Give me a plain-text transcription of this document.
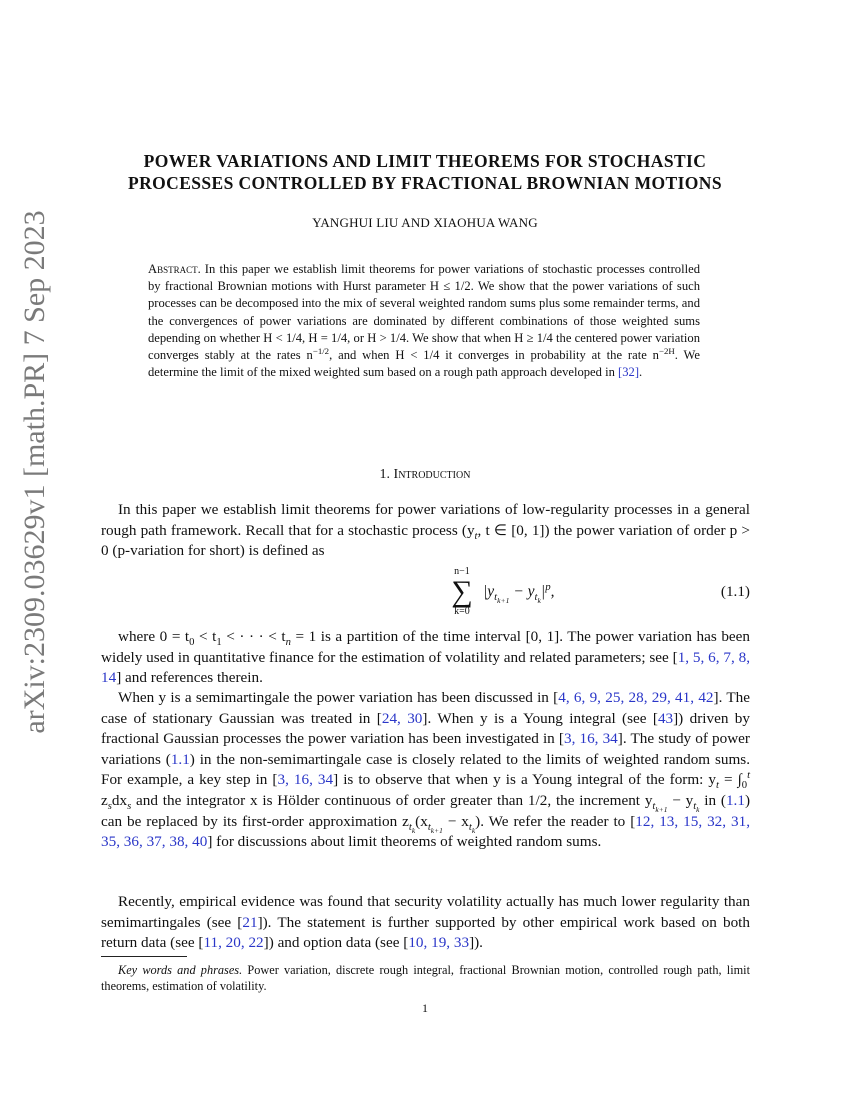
arXiv:2309.03629v1 [math.PR] 7 Sep 2023
POWER VARIATIONS AND LIMIT THEOREMS FOR STOCHASTIC
PROCESSES CONTROLLED BY FRACTIONAL BROWNIAN MOTIONS
YANGHUI LIU AND XIAOHUA WANG
Abstract. In this paper we establish limit theorems for power variations of stochastic processes controlled by fractional Brownian motions with Hurst parameter H ≤ 1/2. We show that the power variations of such processes can be decomposed into the mix of several weighted random sums plus some remainder terms, and the convergences of power variations are dominated by different combinations of those weighted sums depending on whether H < 1/4, H = 1/4, or H > 1/4. We show that when H ≥ 1/4 the centered power variation converges stably at the rates $n^{-1/2}$, and when H < 1/4 it converges in probability at the rate $n^{-2H}$. We determine the limit of the mixed weighted sum based on a rough path approach developed in [32].
1. Introduction

In this paper we establish limit theorems for power variations of low-regularity processes in a general rough path framework. Recall that for a stochastic process ($y_t$, t ∈ [0, 1]) the power variation of order p > 0 (p-variation for short) is defined as

n−1
∑
k=0
$|y_{t_{k+1}} - y_{t_k}|^p$,	(1.1)

where $0 = t_0 < t_1$ < · · · < $t_n = 1$ is a partition of the time interval [0, 1]. The power variation has been widely used in quantitative finance for the estimation of volatility and related parameters; see [1, 5, 6, 7, 8, 14] and references therein.

When y is a semimartingale the power variation has been discussed in [4, 6, 9, 25, 28, 29, 41, 42]. The case of stationary Gaussian was treated in [24, 30]. When y is a Young integral (see [43]) driven by fractional Gaussian processes the power variation has been investigated in [3, 16, 34]. The study of power variations (1.1) in the non-semimartingale case is closely related to the limits of weighted random sums. For example, a key step in [3, 16, 34] is to observe that when y is a Young integral of the form: $y_t = \int_0^t$ $z_sdx_s$ and the integrator x is Hölder continuous of order greater than 1/2, the increment $y_{t_{k+1}} - y_{t_k}$ in (1.1) can be replaced by its first-order approximation $z_{t_k}(x_{t_{k+1}} - x_{t_k})$. We refer the reader to [12, 13, 15, 32, 31, 35, 36, 37, 38, 40] for discussions about limit theorems of weighted random sums.

Recently, empirical evidence was found that security volatility actually has much lower regularity than semimartingales (see [21]). The statement is further supported by other empirical work based on both return data (see [11, 20, 22]) and option data (see [10, 19, 33]).

Key words and phrases. Power variation, discrete rough integral, fractional Brownian motion, controlled rough path, limit theorems, estimation of volatility.
1
